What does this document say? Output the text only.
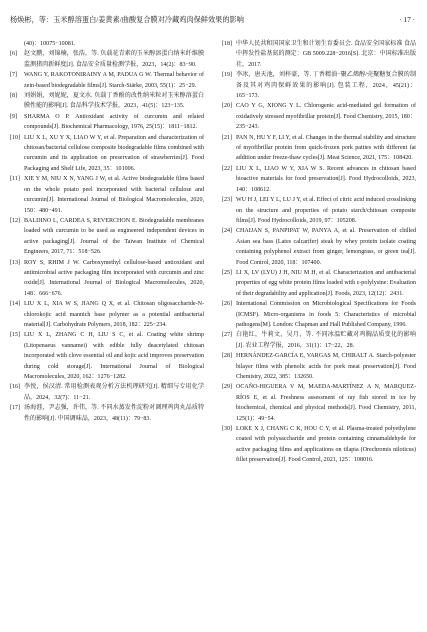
杨焕彬，等：玉米醇溶蛋白/姜黄素/曲酸复合膜对冷藏鸡肉保鲜效果的影响	· 17 ·
(40)：10075−10081.
[6] 赵文鹏，刘锦楠，张浩，等. 负载花青素的玉米醇溶蛋白纳米纤维膜监测猪肉新鲜度[J]. 食品安全质量检测学报，2023，14(2)：83−90.
[7] WANG Y, RAKOTONIRAINY A M, PADUA G W. Thermal behavior of zein-based biodegradable films[J]. Starch-Stärke, 2003, 55(1)：25−29.
[8] 刘娟娟，刘妮妮，夏文水. 负载丁香酚的改性纳米粒对玉米醇溶蛋白膜性能的影响[J]. 食品科学技术学报，2023，41(5)：123−135.
[9] SHARMA O P. Antioxidant activity of curcumin and related compounds[J]. Biochemical Pharmacology, 1976, 25(15)：1811−1812.
[10] LIU X L, XU Y X, LIAO W Y, et al. Preparation and characterization of chitosan/bacterial cellulose composite biodegradable films combined with curcumin and its application on preservation of strawberries[J]. Food Packaging and Shelf Life, 2023, 35：101006.
[11] XIE Y M, NIU X N, YANG J W, et al. Active biodegradable films based on the whole potato peel incorporated with bacterial cellulose and curcumin[J]. International Journal of Biological Macromolecules, 2020, 150：480−491.
[12] BALDINO L, CARDEA S, REVERCHON E. Biodegradable membranes loaded with curcumin to be used as engineered independent devices in active packaging[J]. Journal of the Taiwan Institute of Chemical Engineers, 2017, 71：518−526.
[13] ROY S, RHIM J W. Carboxymethyl cellulose-based antioxidant and antimicrobial active packaging film incorporated with curcumin and zinc oxide[J]. International Journal of Biological Macromolecules, 2020, 148：666−676.
[14] LIU X L, XIA W S, JIANG Q X, et al. Chitosan oligosaccharide-N-chlorokojic acid mannich base polymer as a potential antibacterial material[J]. Carbohydrate Polymers, 2018, 182：225−234.
[15] LIU X L, ZHANG C H, LIU S C, et al. Coating white shrimp (Litopenaeus vannamei) with edible fully deacetylated chitosan incorporated with clove essential oil and kojic acid improves preservation during cold storage[J]. International Journal of Biological Macromolecules, 2020, 162：1276−1282.
[16] 李悦，侯汉清. 常用检测表观分析方法机理研究[J]. 精细与专用化学品，2024，32(7)：11−21.
[17] 汤海涯，尹志强，许伟，等. 不同水蒸发性淀粉对调理鸡肉丸品质特性的影响[J]. 中国调味品，2023，48(11)：79−83.
[18] 中华人民共和国国家卫生和计划生育委员会. 食品安全国家标准 食品中挥发性盐基氮的测定：GB 5009.228−2016[S]. 北京：中国标准出版社，2017.
[19] 李冰，唐天池，刘梓豪，等. 丁香精油−聚乙烯醇/壳聚糖复合膜的制备及其对鸡肉保鲜效果的影响[J]. 包装工程，2024，45(21)：165−173.
[20] CAO Y G, XIONG Y L. Chlorogenic acid-mediated gel formation of oxidatively stressed myofibrillar protein[J]. Food Chemistry, 2015, 180：235−243.
[21] PAN N, HU Y F, LI Y, et al. Changes in the thermal stability and structure of myofibrillar protein from quick-frozen pork patties with different fat addition under freeze-thaw cycles[J]. Meat Science, 2021, 175：108420.
[22] LIU X L, LIAO W Y, XIA W S. Recent advances in chitosan based bioactive materials for food preservation[J]. Food Hydrocolloids, 2023, 140：108612.
[23] WU H J, LEI Y L, LU J Y, et al. Effect of citric acid induced crosslinking on the structure and properties of potato starch/chitosan composite films[J]. Food Hydrocolloids, 2019, 97：105208.
[24] CHAIJAN S, PANPIPAT W, PANYA A, et al. Preservation of chilled Asian sea bass (Lates calcarifer) steak by whey protein isolate coating containing polyphenol extract from ginger, lemongrass, or green tea[J]. Food Control, 2020, 118：107400.
[25] LI X, LV (LYU) J H, NIU M H, et al. Characterization and antibacterial properties of egg white protein films loaded with ε-polylysine: Evaluation of their degradability and application[J]. Foods, 2023, 12(12)：2431.
[26] International Commission on Microbiological Specifications for Foods (ICMSF). Micro-organisms in foods 5: Characteristics of microbial pathogens[M]. London: Chapman and Hall Published Company, 1996.
[27] 白艳红，牛莉文，吴月，等. 不同冰温贮藏对鸡胸品质变化的影响[J]. 农业工程学报，2016，31(1)：17−22，28.
[28] HERNÁNDEZ-GARCÍA E, VARGAS M, CHIRALT A. Starch-polyester bilayer films with phenolic acids for pork meat preservation[J]. Food Chemistry, 2022, 385：132650.
[29] OCAÑO-HIGUERA V M, MAEDA-MARTÍNEZ A N, MARQUEZ-RÍOS E, et al. Freshness assessment of ray fish stored in ice by biochemical, chemical and physical methods[J]. Food Chemistry, 2011, 125(1)：49−54.
[30] LOKE X J, CHANG C K, HOU C Y, et al. Plasma-treated polyethylene coated with polysaccharide and protein containing cinnamaldehyde for active packaging films and applications on tilapia (Orechromis niloticus) fillet preservation[J]. Food Control, 2021, 125：108016.
